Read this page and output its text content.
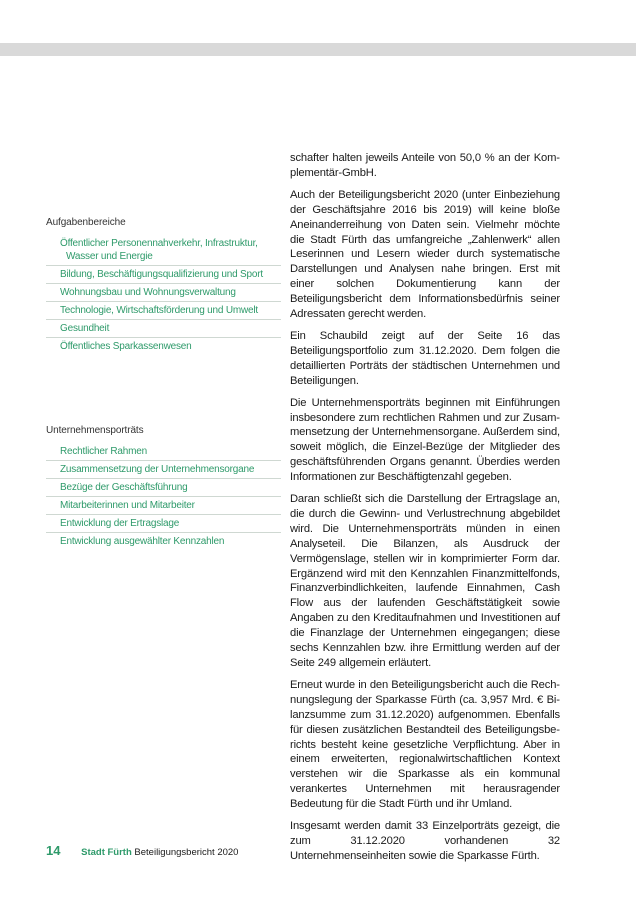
Aufgabenbereiche
Öffentlicher Personennahverkehr, Infrastruktur, Wasser und Energie
Bildung, Beschäftigungsqualifizierung und Sport
Wohnungsbau und Wohnungsverwaltung
Technologie, Wirtschaftsförderung und Umwelt
Gesundheit
Öffentliches Sparkassenwesen
Unternehmensporträts
Rechtlicher Rahmen
Zusammensetzung der Unternehmensorgane
Bezüge der Geschäftsführung
Mitarbeiterinnen und Mitarbeiter
Entwicklung der Ertragslage
Entwicklung ausgewählter Kennzahlen

schafter halten jeweils Anteile von 50,0 % an der Komplementär-GmbH.

Auch der Beteiligungsbericht 2020 (unter Einbeziehung der Geschäftsjahre 2016 bis 2019) will keine bloße Aneinanderreihung von Daten sein. Vielmehr möchte die Stadt Fürth das umfangreiche „Zahlenwerk“ allen Leserinnen und Lesern wieder durch systematische Darstellungen und Analysen nahe bringen. Erst mit einer solchen Dokumentierung kann der Beteiligungsbericht dem Informationsbedürfnis seiner Adressaten gerecht werden.

Ein Schaubild zeigt auf der Seite 16 das Beteiligungsportfolio zum 31.12.2020. Dem folgen die detaillierten Porträts der städtischen Unternehmen und Beteiligungen.

Die Unternehmensporträts beginnen mit Einführungen insbesondere zum rechtlichen Rahmen und zur Zusammensetzung der Unternehmensorgane. Außerdem sind, soweit möglich, die Einzel-Bezüge der Mitglieder des geschäftsführenden Organs genannt. Überdies werden Informationen zur Beschäftigtenzahl gegeben.

Daran schließt sich die Darstellung der Ertragslage an, die durch die Gewinn- und Verlustrechnung abgebildet wird. Die Unternehmensporträts münden in einen Analyseteil. Die Bilanzen, als Ausdruck der Vermögenslage, stellen wir in komprimierter Form dar. Ergänzend wird mit den Kennzahlen Finanzmittelfonds, Finanzverbindlichkeiten, laufende Einnahmen, Cash Flow aus der laufenden Geschäftstätigkeit sowie Angaben zu den Kreditaufnahmen und Investitionen auf die Finanzlage der Unternehmen eingegangen; diese sechs Kennzahlen bzw. ihre Ermittlung werden auf der Seite 249 allgemein erläutert.

Erneut wurde in den Beteiligungsbericht auch die Rechnungslegung der Sparkasse Fürth (ca. 3,957 Mrd. € Bilanzsumme zum 31.12.2020) aufgenommen. Ebenfalls für diesen zusätzlichen Bestandteil des Beteiligungsberichts besteht keine gesetzliche Verpflichtung. Aber in einem erweiterten, regionalwirtschaftlichen Kontext verstehen wir die Sparkasse als ein kommunal verankertes Unternehmen mit herausragender Bedeutung für die Stadt Fürth und ihr Umland.

Insgesamt werden damit 33 Einzelporträts gezeigt, die zum 31.12.2020 vorhandenen 32 Unternehmenseinheiten sowie die Sparkasse Fürth.

14 Stadt Fürth Beteiligungsbericht 2020
